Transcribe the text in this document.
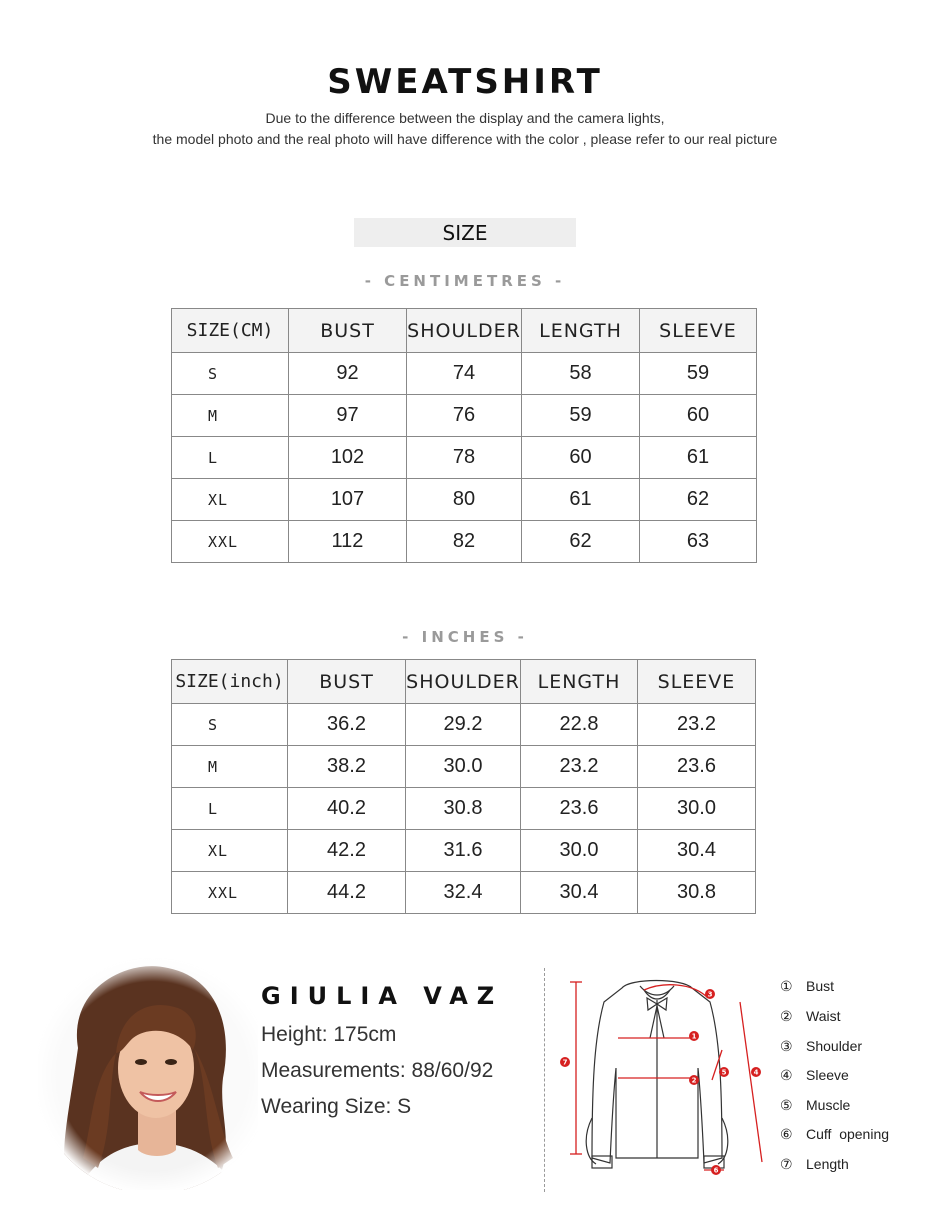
SWEATSHIRT
Due to the difference between the display and the camera lights,
the model photo and the real photo will have difference with the color , please refer to our real picture
SIZE
- CENTIMETRES -
SIZE(CM)	BUST	SHOULDER	LENGTH	SLEEVE
S	92	74	58	59
M	97	76	59	60
L	102	78	60	61
XL	107	80	61	62
XXL	112	82	62	63
- INCHES -
SIZE(inch)	BUST	SHOULDER	LENGTH	SLEEVE
S	36.2	29.2	22.8	23.2
M	38.2	30.0	23.2	23.6
L	40.2	30.8	23.6	30.0
XL	42.2	31.6	30.0	30.4
XXL	44.2	32.4	30.4	30.8
GIULIA VAZ
Height: 175cm
Measurements: 88/60/92
Wearing Size: S
1
2
3
4
5
6
7
① Bust
② Waist
③ Shoulder
④ Sleeve
⑤ Muscle
⑥ Cuff  opening
⑦ Length
